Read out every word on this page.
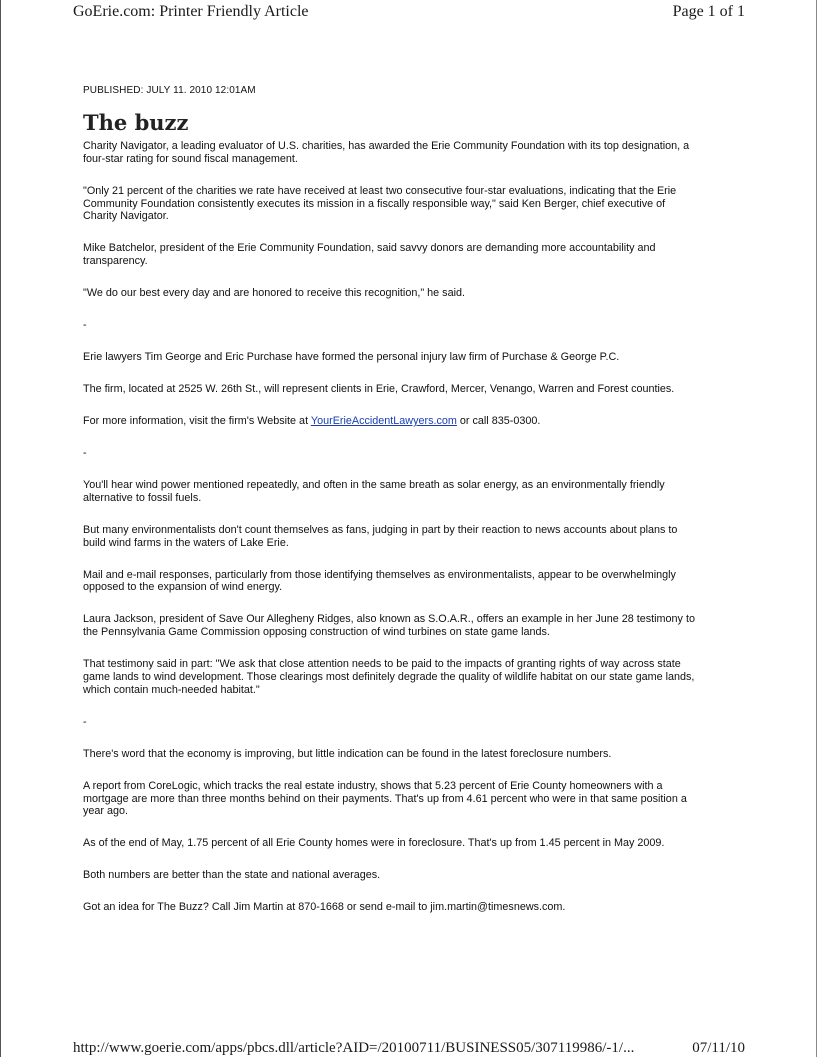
GoErie.com: Printer Friendly Article	Page 1 of 1

PUBLISHED: JULY 11. 2010 12:01AM

The buzz

Charity Navigator, a leading evaluator of U.S. charities, has awarded the Erie Community Foundation with its top designation, a
four-star rating for sound fiscal management.

"Only 21 percent of the charities we rate have received at least two consecutive four-star evaluations, indicating that the Erie
Community Foundation consistently executes its mission in a fiscally responsible way," said Ken Berger, chief executive of
Charity Navigator.

Mike Batchelor, president of the Erie Community Foundation, said savvy donors are demanding more accountability and
transparency.

"We do our best every day and are honored to receive this recognition," he said.

-

Erie lawyers Tim George and Eric Purchase have formed the personal injury law firm of Purchase & George P.C.

The firm, located at 2525 W. 26th St., will represent clients in Erie, Crawford, Mercer, Venango, Warren and Forest counties.

For more information, visit the firm's Website at YourErieAccidentLawyers.com or call 835-0300.

-

You'll hear wind power mentioned repeatedly, and often in the same breath as solar energy, as an environmentally friendly
alternative to fossil fuels.

But many environmentalists don't count themselves as fans, judging in part by their reaction to news accounts about plans to
build wind farms in the waters of Lake Erie.

Mail and e-mail responses, particularly from those identifying themselves as environmentalists, appear to be overwhelmingly
opposed to the expansion of wind energy.

Laura Jackson, president of Save Our Allegheny Ridges, also known as S.O.A.R., offers an example in her June 28 testimony to
the Pennsylvania Game Commission opposing construction of wind turbines on state game lands.

That testimony said in part: "We ask that close attention needs to be paid to the impacts of granting rights of way across state
game lands to wind development. Those clearings most definitely degrade the quality of wildlife habitat on our state game lands,
which contain much-needed habitat."

-

There's word that the economy is improving, but little indication can be found in the latest foreclosure numbers.

A report from CoreLogic, which tracks the real estate industry, shows that 5.23 percent of Erie County homeowners with a
mortgage are more than three months behind on their payments. That's up from 4.61 percent who were in that same position a
year ago.

As of the end of May, 1.75 percent of all Erie County homes were in foreclosure. That's up from 1.45 percent in May 2009.

Both numbers are better than the state and national averages.

Got an idea for The Buzz? Call Jim Martin at 870-1668 or send e-mail to jim.martin@timesnews.com.

http://www.goerie.com/apps/pbcs.dll/article?AID=/20100711/BUSINESS05/307119986/-1/...	07/11/10
